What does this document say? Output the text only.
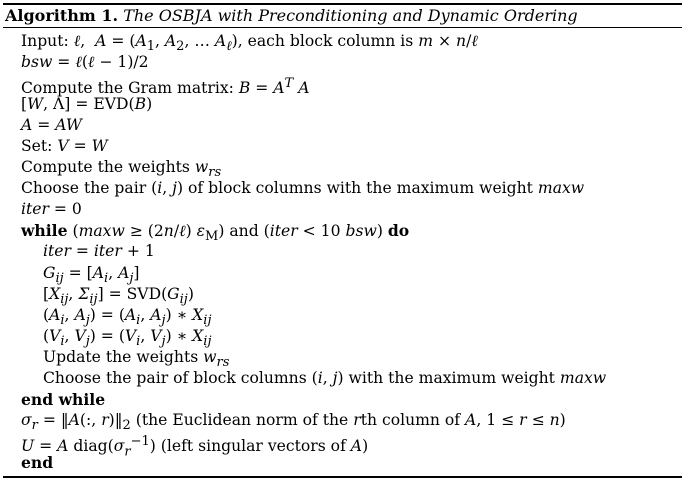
Algorithm 1. The OSBJA with Preconditioning and Dynamic Ordering
Input: ℓ,  $A = (A_1$, $A_2$, … $A_\ell$), each block column is m × n/ℓ
bsw = ℓ(ℓ − 1)/2
Compute the Gram matrix: $B = A^T$ A
[W, Λ] = EVD(B)
A = AW
Set: V = W
Compute the weights $w_{rs}$
Choose the pair (i, j) of block columns with the maximum weight maxw
iter = 0
while (maxw ≥ (2n/ℓ) $\varepsilon_M$) and (iter < 10 bsw) do
iter = iter + 1
$G_{ij} = [A_i$, $A_j$]
[$X_{ij}$, $\Sigma_{ij}] = SVD(G_{ij})$
($A_i$, $A_j) = (A_i$, $A_j$) ∗ $X_{ij}$
($V_i$, $V_j) = (V_i$, $V_j$) ∗ $X_{ij}$
Update the weights $w_{rs}$
Choose the pair of block columns (i, j) with the maximum weight maxw
end while
$\sigma_r$ = ‖A(:, $r)‖_2$ (the Euclidean norm of the rth column of A, 1 ≤ r ≤ n)
U = A $diag(\sigma_r^{-1})$ (left singular vectors of A)
end
